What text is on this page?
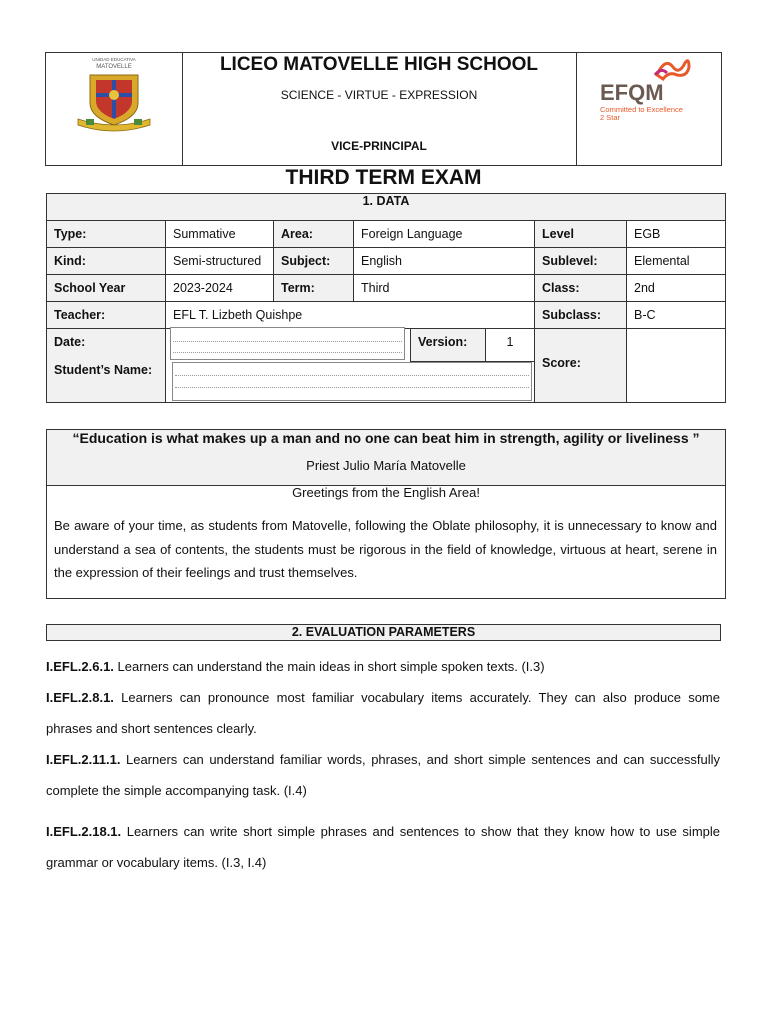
UNIDAD EDUCATIVA
MATOVELLE	LICEO MATOVELLE HIGH SCHOOL
SCIENCE - VIRTUE - EXPRESSION
VICE-PRINCIPAL
EFQM
Committed to Excellence
2 Star
THIRD TERM EXAM
1. DATA
Type:	Summative	Area:	Foreign Language	Level	EGB
Kind:	Semi-structured	Subject:	English	Sublevel:	Elemental
School Year	2023-2024	Term:	Third	Class:	2nd
Teacher:	EFL T. Lizbeth Quishpe	Subclass:	B-C
Date:
Student’s Name:
Version:	1
Score:
“Education is what makes up a man and no one can beat him in strength, agility or liveliness ”
Priest Julio María Matovelle
Greetings from the English Area!
Be aware of your time, as students from Matovelle, following the Oblate philosophy, it is unnecessary to know and understand a sea of contents, the students must be rigorous in the field of knowledge, virtuous at heart, serene in the expression of their feelings and trust themselves.
2. EVALUATION PARAMETERS
I.EFL.2.6.1. Learners can understand the main ideas in short simple spoken texts. (I.3)
I.EFL.2.8.1. Learners can pronounce most familiar vocabulary items accurately. They can also produce some phrases and short sentences clearly.
I.EFL.2.11.1. Learners can understand familiar words, phrases, and short simple sentences and can successfully complete the simple accompanying task. (I.4)
I.EFL.2.18.1. Learners can write short simple phrases and sentences to show that they know how to use simple grammar or vocabulary items. (I.3, I.4)
